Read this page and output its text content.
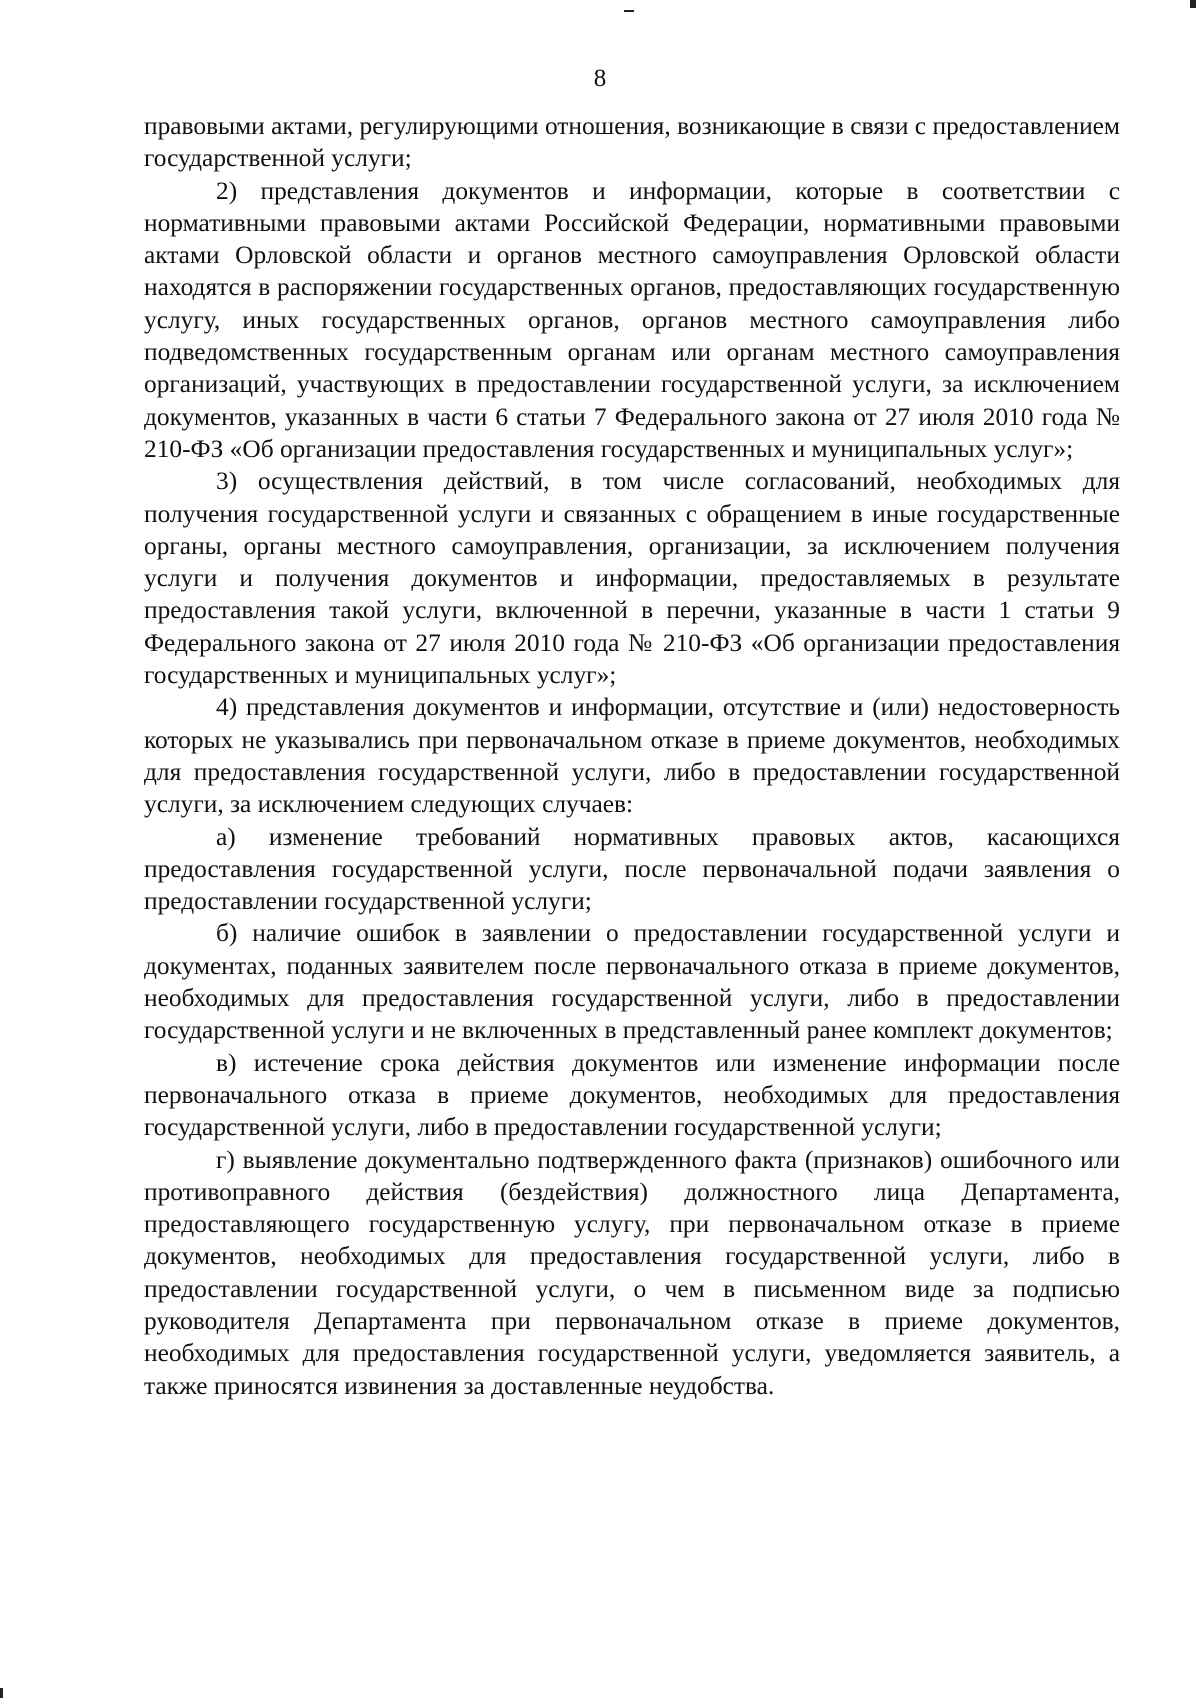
8

правовыми актами, регулирующими отношения, возникающие в связи с предоставлением государственной услуги;

2) представления документов и информации, которые в соответствии с нормативными правовыми актами Российской Федерации, нормативными правовыми актами Орловской области и органов местного самоуправления Орловской области находятся в распоряжении государственных органов, предоставляющих государственную услугу, иных государственных органов, органов местного самоуправления либо подведомственных государственным органам или органам местного самоуправления организаций, участвующих в предоставлении государственной услуги, за исключением документов, указанных в части 6 статьи 7 Федерального закона от 27 июля 2010 года № 210-ФЗ «Об организации предоставления государственных и муниципальных услуг»;

3) осуществления действий, в том числе согласований, необходимых для получения государственной услуги и связанных с обращением в иные государственные органы, органы местного самоуправления, организации, за исключением получения услуги и получения документов и информации, предоставляемых в результате предоставления такой услуги, включенной в перечни, указанные в части 1 статьи 9 Федерального закона от 27 июля 2010 года № 210-ФЗ «Об организации предоставления государственных и муниципальных услуг»;

4) представления документов и информации, отсутствие и (или) недостоверность которых не указывались при первоначальном отказе в приеме документов, необходимых для предоставления государственной услуги, либо в предоставлении государственной услуги, за исключением следующих случаев:

а) изменение требований нормативных правовых актов, касающихся предоставления государственной услуги, после первоначальной подачи заявления о предоставлении государственной услуги;

б) наличие ошибок в заявлении о предоставлении государственной услуги и документах, поданных заявителем после первоначального отказа в приеме документов, необходимых для предоставления государственной услуги, либо в предоставлении государственной услуги и не включенных в представленный ранее комплект документов;

в) истечение срока действия документов или изменение информации после первоначального отказа в приеме документов, необходимых для предоставления государственной услуги, либо в предоставлении государственной услуги;

г) выявление документально подтвержденного факта (признаков) ошибочного или противоправного действия (бездействия) должностного лица Департамента, предоставляющего государственную услугу, при первоначальном отказе в приеме документов, необходимых для предоставления государственной услуги, либо в предоставлении государственной услуги, о чем в письменном виде за подписью руководителя Департамента при первоначальном отказе в приеме документов, необходимых для предоставления государственной услуги, уведомляется заявитель, а также приносятся извинения за доставленные неудобства.
